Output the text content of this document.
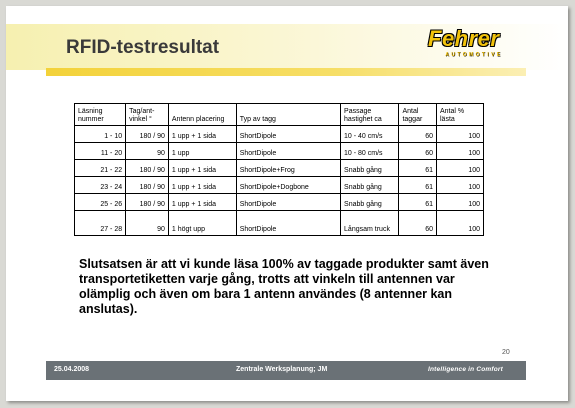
RFID-testresultat	Fehrer
AUTOMOTIVE
Läsning nummer	Tag/ant-vinkel °	Antenn placering	Typ av tagg	Passage hastighet ca	Antal taggar	Antal % lästa
1 - 10	180 / 90	1 upp + 1 sida	ShortDipole	10 - 40 cm/s	60	100
11 - 20	90	1 upp	ShortDipole	10 - 80 cm/s	60	100
21 - 22	180 / 90	1 upp + 1 sida	ShortDipole+Frog	Snabb gång	61	100
23 - 24	180 / 90	1 upp + 1 sida	ShortDipole+Dogbone	Snabb gång	61	100
25 - 26	180 / 90	1 upp + 1 sida	ShortDipole	Snabb gång	61	100
27 - 28	90	1 högt upp	ShortDipole	Långsam truck	60	100

Slutsatsen är att vi kunde läsa 100% av taggade produkter samt även transportetiketten varje gång, trotts att vinkeln till antennen var olämplig och även om bara 1 antenn användes (8 antenner kan anslutas).

20
25.04.2008	Zentrale Werksplanung; JM	Intelligence in Comfort
